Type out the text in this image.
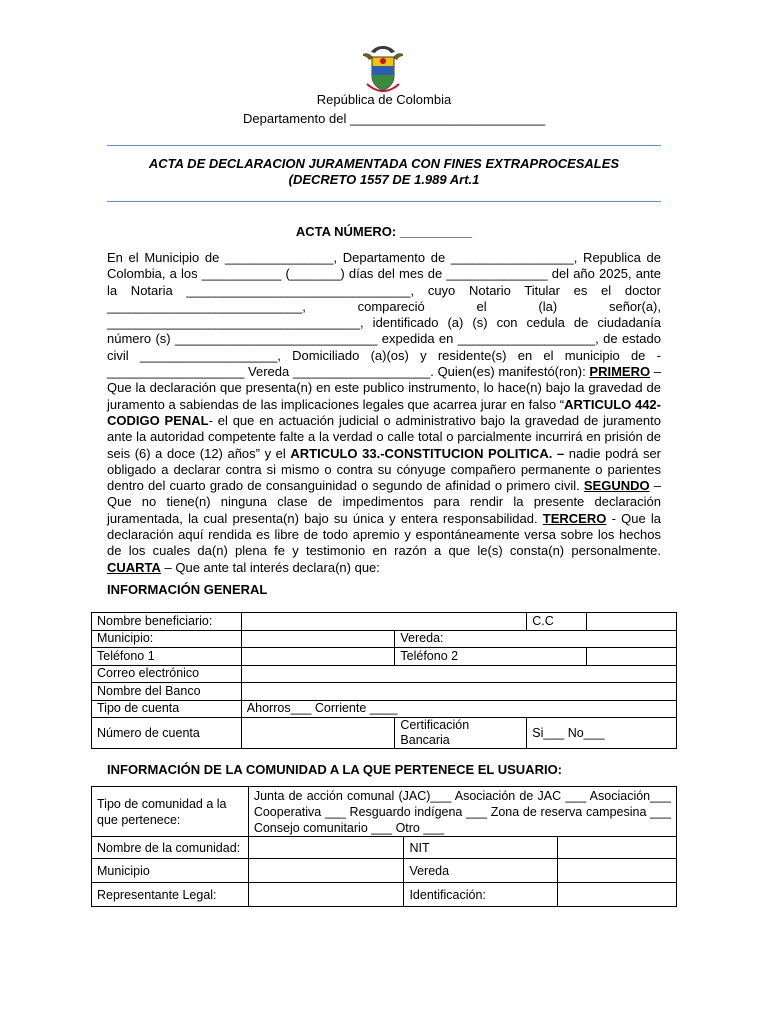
República de Colombia
Departamento del ___________________________
ACTA DE DECLARACION JURAMENTADA CON FINES EXTRAPROCESALES
(DECRETO 1557 DE 1.989 Art.1
ACTA NÚMERO: __________

En el Municipio de _______________, Departamento de _________________, Republica de Colombia, a los ___________ (_______) días del mes de ______________ del año 2025, ante la Notaria _______________________________, cuyo Notario Titular es el doctor ___________________________, compareció el (la) señor(a), ___________________________________, identificado (a) (s) con cedula de ciudadanía número (s) ____________________________ expedida en ___________________, de estado civil ___________________, Domiciliado (a)(os) y residente(s) en el municipio de - ___________________ Vereda ___________________. Quien(es) manifestó(ron): PRIMERO – Que la declaración que presenta(n) en este publico instrumento, lo hace(n) bajo la gravedad de juramento a sabiendas de las implicaciones legales que acarrea jurar en falso “ARTICULO 442- CODIGO PENAL- el que en actuación judicial o administrativo bajo la gravedad de juramento ante la autoridad competente falte a la verdad o calle total o parcialmente incurrirá en prisión de seis (6) a doce (12) años” y el ARTICULO 33.-CONSTITUCION POLITICA. – nadie podrá ser obligado a declarar contra si mismo o contra su cónyuge compañero permanente o parientes dentro del cuarto grado de consanguinidad o segundo de afinidad o primero civil. SEGUNDO – Que no tiene(n) ninguna clase de impedimentos para rendir la presente declaración juramentada, la cual presenta(n) bajo su única y entera responsabilidad. TERCERO - Que la declaración aquí rendida es libre de todo apremio y espontáneamente versa sobre los hechos de los cuales da(n) plena fe y testimonio en razón a que le(s) consta(n) personalmente. CUARTA – Que ante tal interés declara(n) que:

INFORMACIÓN GENERAL
Nombre beneficiario:			C.C	
Municipio:		Vereda:		
Teléfono 1		Teléfono 2		
Correo electrónico				
Nombre del Banco				
Tipo de cuenta	Ahorros___ Corriente ____			
Número de cuenta		Certificación Bancaria	Si___ No___	
INFORMACIÓN DE LA COMUNIDAD A LA QUE PERTENECE EL USUARIO:
Tipo de comunidad a la que pertenece:	Junta de acción comunal (JAC)___ Asociación de JAC ___ Asociación___ Cooperativa ___ Resguardo indígena ___ Zona de reserva campesina ___ Consejo comunitario ___ Otro ___		
Nombre de la comunidad:		NIT	
Municipio		Vereda	
Representante Legal:		Identificación:	
